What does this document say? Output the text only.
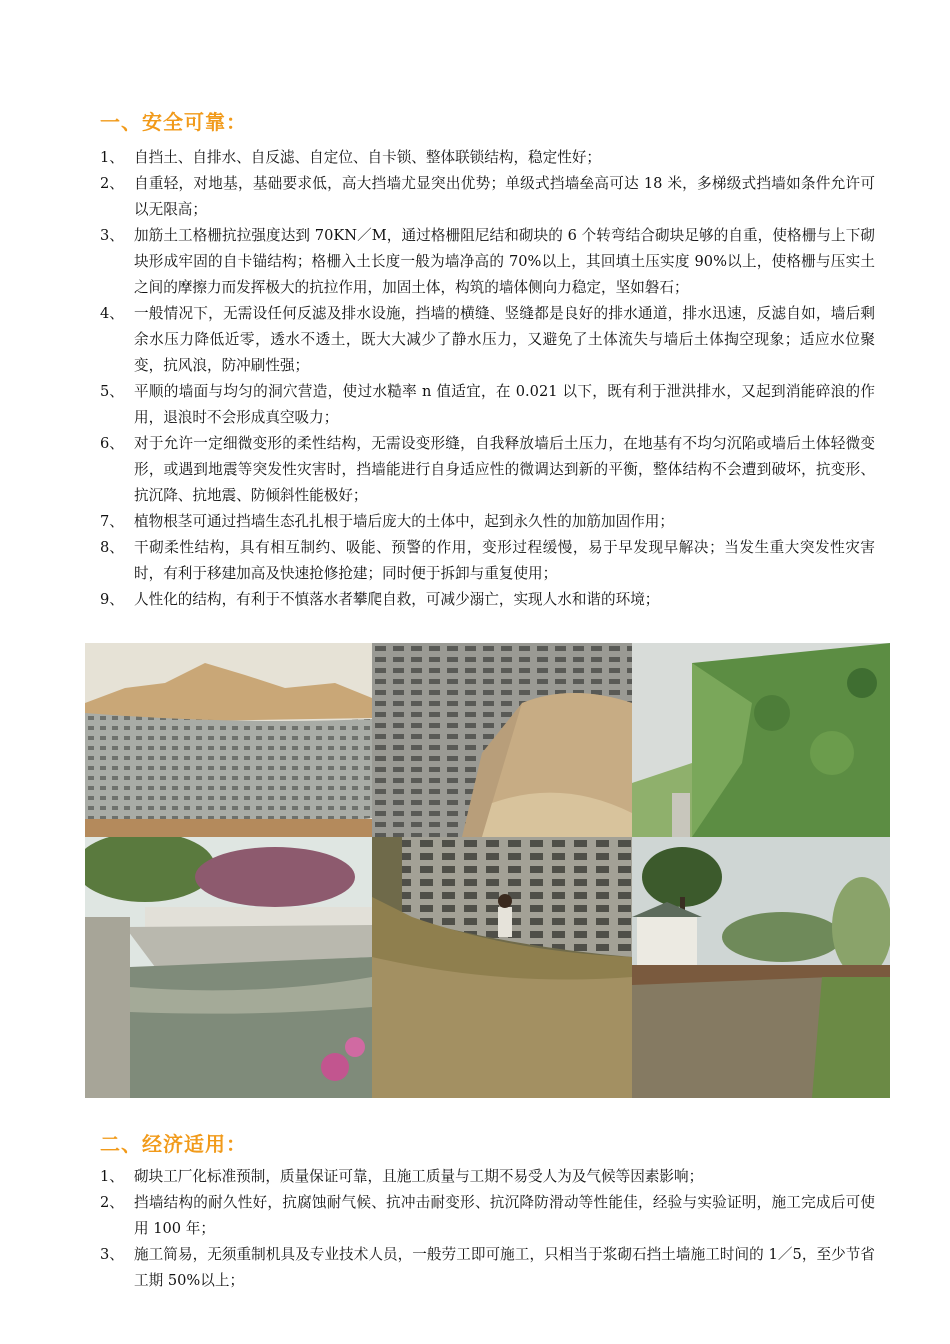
一、安全可靠：
1、 自挡土、自排水、自反滤、自定位、自卡锁、整体联锁结构，稳定性好；
2、 自重轻，对地基，基础要求低，高大挡墙尤显突出优势；单级式挡墙垒高可达 18 米，多梯级式挡墙如条件允许可以无限高；
3、 加筋土工格栅抗拉强度达到 70KN／M，通过格栅阻尼结和砌块的 6 个转弯结合砌块足够的自重，使格栅与上下砌块形成牢固的自卡锚结构；格栅入土长度一般为墙净高的 70%以上，其回填土压实度 90%以上，使格栅与压实土之间的摩擦力而发挥极大的抗拉作用，加固土体，构筑的墙体侧向力稳定，坚如磐石；
4、 一般情况下，无需设任何反滤及排水设施，挡墙的横缝、竖缝都是良好的排水通道，排水迅速，反滤自如，墙后剩余水压力降低近零，透水不透土，既大大减少了静水压力，又避免了土体流失与墙后土体掏空现象；适应水位聚变，抗风浪，防冲刷性强；
5、 平顺的墙面与均匀的洞穴营造，使过水糙率 n 值适宜，在 0.021 以下，既有利于泄洪排水，又起到消能碎浪的作用，退浪时不会形成真空吸力；
6、 对于允许一定细微变形的柔性结构，无需设变形缝，自我释放墙后土压力，在地基有不均匀沉陷或墙后土体轻微变形，或遇到地震等突发性灾害时，挡墙能进行自身适应性的微调达到新的平衡，整体结构不会遭到破坏，抗变形、抗沉降、抗地震、防倾斜性能极好；
7、 植物根茎可通过挡墙生态孔扎根于墙后庞大的土体中，起到永久性的加筋加固作用；
8、 干砌柔性结构，具有相互制约、吸能、预警的作用，变形过程缓慢，易于早发现早解决；当发生重大突发性灾害时，有利于移建加高及快速抢修抢建；同时便于拆卸与重复使用；
9、 人性化的结构，有利于不慎落水者攀爬自救，可减少溺亡，实现人水和谐的环境；
二、经济适用：
1、 砌块工厂化标准预制，质量保证可靠，且施工质量与工期不易受人为及气候等因素影响；
2、 挡墙结构的耐久性好，抗腐蚀耐气候、抗冲击耐变形、抗沉降防滑动等性能佳，经验与实验证明，施工完成后可使用 100 年；
3、 施工简易，无须重制机具及专业技术人员，一般劳工即可施工，只相当于浆砌石挡土墙施工时间的 1／5，至少节省工期 50%以上；
